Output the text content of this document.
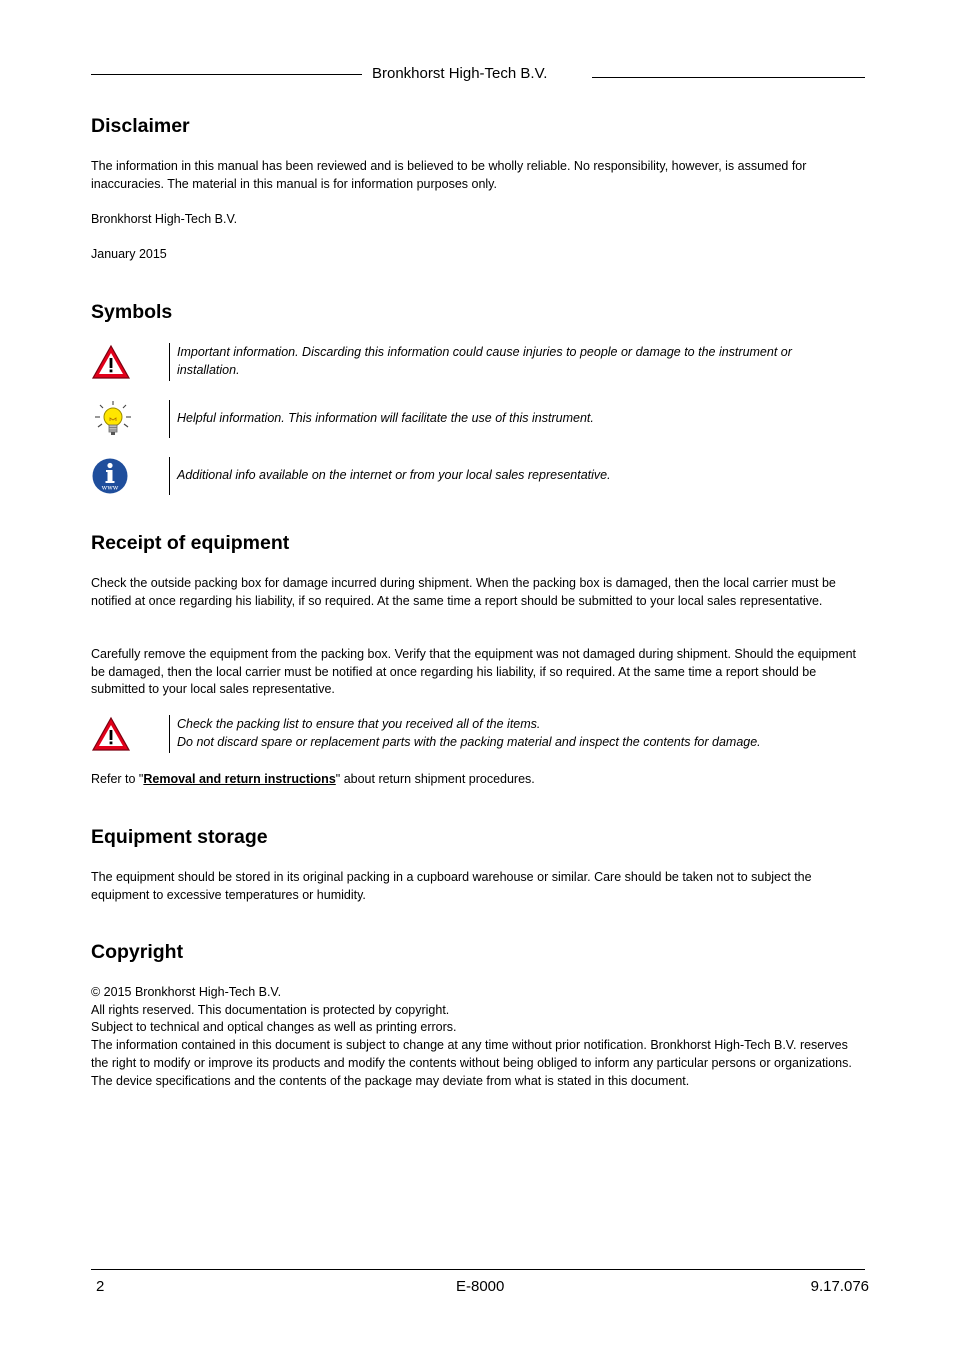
Bronkhorst High-Tech B.V.
Disclaimer

The information in this manual has been reviewed and is believed to be wholly reliable. No responsibility, however, is assumed for inaccuracies. The material in this manual is for information purposes only.

Bronkhorst High-Tech B.V.

January 2015

Symbols
Important information. Discarding this information could cause injuries to people or damage to the instrument or installation.
Helpful information. This information will facilitate the use of this instrument.
www
Additional info available on the internet or from your local sales representative.
Receipt of equipment

Check the outside packing box for damage incurred during shipment. When the packing box is damaged, then the local carrier must be notified at once regarding his liability, if so required. At the same time a report should be submitted to your local sales representative.

Carefully remove the equipment from the packing box. Verify that the equipment was not damaged during shipment. Should the equipment be damaged, then the local carrier must be notified at once regarding his liability, if so required. At the same time a report should be submitted to your local sales representative.

Check the packing list to ensure that you received all of the items.
Do not discard spare or replacement parts with the packing material and inspect the contents for damage.

Refer to "Removal and return instructions" about return shipment procedures.

Equipment storage

The equipment should be stored in its original packing in a cupboard warehouse or similar. Care should be taken not to subject the equipment to excessive temperatures or humidity.

Copyright

© 2015 Bronkhorst High-Tech B.V.
All rights reserved. This documentation is protected by copyright.
Subject to technical and optical changes as well as printing errors.
The information contained in this document is subject to change at any time without prior notification. Bronkhorst High-Tech B.V. reserves the right to modify or improve its products and modify the contents without being obliged to inform any particular persons or organizations. The device specifications and the contents of the package may deviate from what is stated in this document.

2	E-8000	9.17.076
